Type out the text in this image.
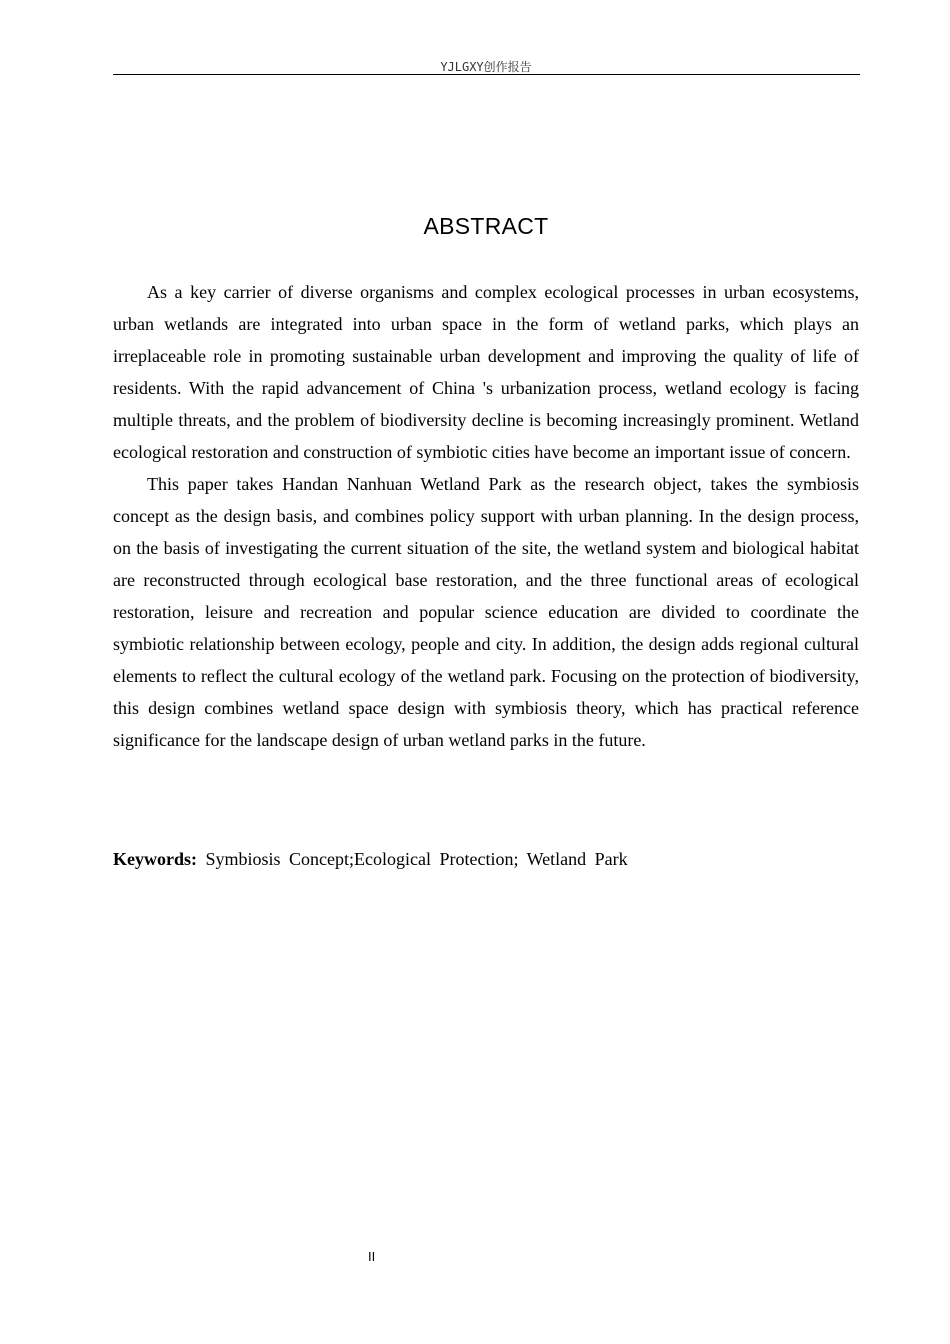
YJLGXY创作报告
ABSTRACT

As a key carrier of diverse organisms and complex ecological processes in urban ecosystems, urban wetlands are integrated into urban space in the form of wetland parks, which plays an irreplaceable role in promoting sustainable urban development and improving the quality of life of residents. With the rapid advancement of China 's urbanization process, wetland ecology is facing multiple threats, and the problem of biodiversity decline is becoming increasingly prominent. Wetland ecological restoration and construction of symbiotic cities have become an important issue of concern.

This paper takes Handan Nanhuan Wetland Park as the research object, takes the symbiosis concept as the design basis, and combines policy support with urban planning. In the design process, on the basis of investigating the current situation of the site, the wetland system and biological habitat are reconstructed through ecological base restoration, and the three functional areas of ecological restoration, leisure and recreation and popular science education are divided to coordinate the symbiotic relationship between ecology, people and city. In addition, the design adds regional cultural elements to reflect the cultural ecology of the wetland park. Focusing on the protection of biodiversity, this design combines wetland space design with symbiosis theory, which has practical reference significance for the landscape design of urban wetland parks in the future.

Keywords: Symbiosis Concept;Ecological Protection; Wetland Park
II
